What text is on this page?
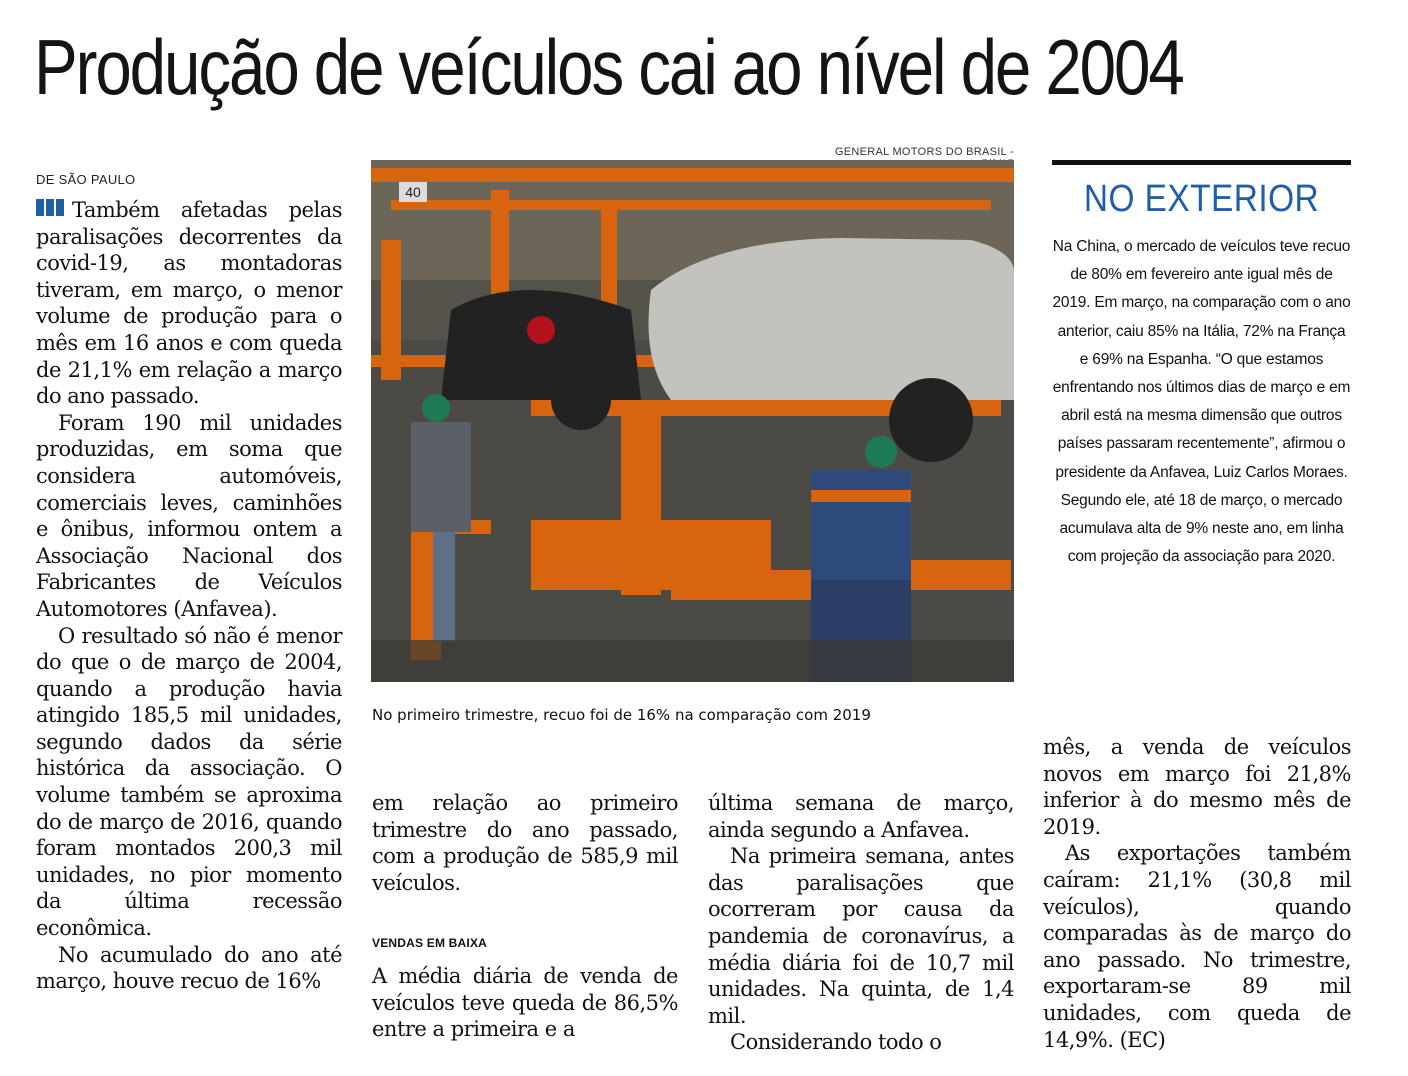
Produção de veículos cai ao nível de 2004
DE SÃO PAULO

Também afetadas pelas paralisações decorrentes da covid-19, as montadoras tiveram, em março, o menor volume de produção para o mês em 16 anos e com queda de 21,1% em relação a março do ano passado.

Foram 190 mil unidades produzidas, em soma que considera automóveis, comerciais leves, caminhões e ônibus, informou ontem a Associação Nacional dos Fabricantes de Veículos Automotores (Anfavea).

O resultado só não é menor do que o de março de 2004, quando a produção havia atingido 185,5 mil unidades, segundo dados da série histórica da associação. O volume também se aproxima do de março de 2016, quando foram montados 200,3 mil unidades, no pior momento da última recessão econômica.

No acumulado do ano até março, houve recuo de 16%

GENERAL MOTORS DO BRASIL -
40
No primeiro trimestre, recuo foi de 16% na comparação com 2019
NO EXTERIOR
Na China, o mercado de veículos teve recuo de 80% em fevereiro ante igual mês de 2019. Em março, na comparação com o ano anterior, caiu 85% na Itália, 72% na França e 69% na Espanha. “O que estamos enfrentando nos últimos dias de março e em abril está na mesma dimensão que outros países passaram recentemente”, afirmou o presidente da Anfavea, Luiz Carlos Moraes. Segundo ele, até 18 de março, o mercado acumulava alta de 9% neste ano, em linha com projeção da associação para 2020.

em relação ao primeiro trimestre do ano passado, com a produção de 585,9 mil veículos.

VENDAS EM BAIXA

A média diária de venda de veículos teve queda de 86,5% entre a primeira e a

última semana de março, ainda segundo a Anfavea.

Na primeira semana, antes das paralisações que ocorreram por causa da pandemia de coronavírus, a média diária foi de 10,7 mil unidades. Na quinta, de 1,4 mil.

Considerando todo o

mês, a venda de veículos novos em março foi 21,8% inferior à do mesmo mês de 2019.

As exportações também caíram: 21,1% (30,8 mil veículos), quando comparadas às de março do ano passado. No trimestre, exportaram-se 89 mil unidades, com queda de 14,9%. (EC)
